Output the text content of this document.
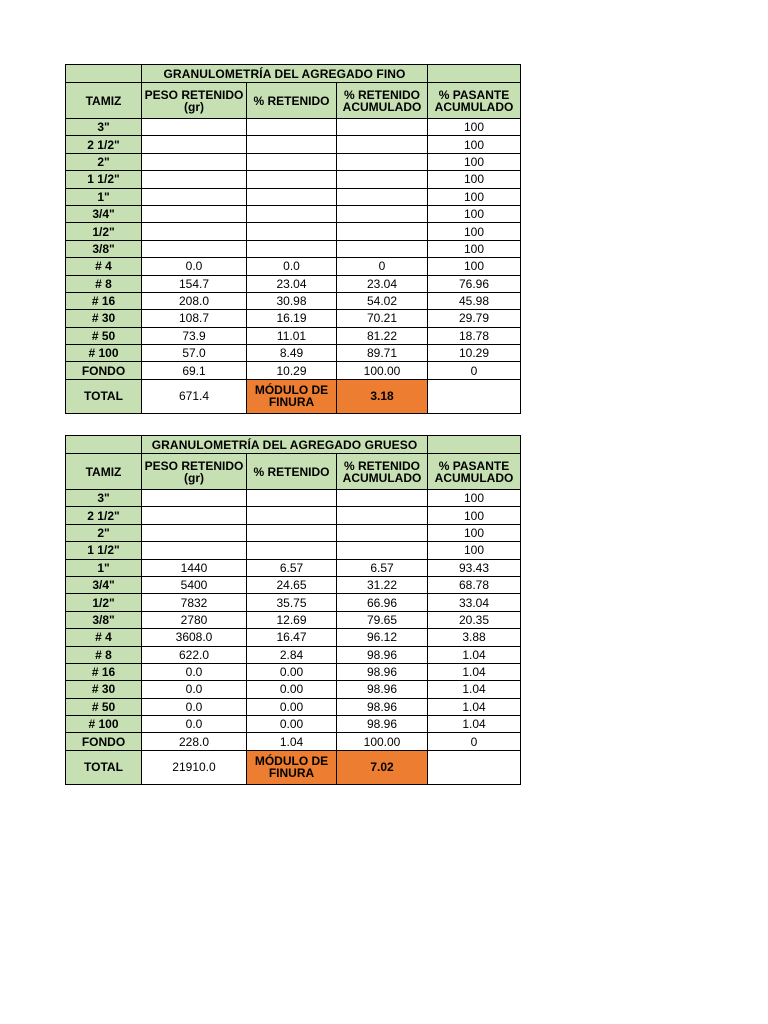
	GRANULOMETRÍA DEL AGREGADO FINO			
TAMIZ	PESO RETENIDO (gr)	% RETENIDO	% RETENIDO ACUMULADO	% PASANTE ACUMULADO
3"				100
2 1/2"				100
2"				100
1 1/2"				100
1"				100
3/4"				100
1/2"				100
3/8"				100
# 4	0.0	0.0	0	100
# 8	154.7	23.04	23.04	76.96
# 16	208.0	30.98	54.02	45.98
# 30	108.7	16.19	70.21	29.79
# 50	73.9	11.01	81.22	18.78
# 100	57.0	8.49	89.71	10.29
FONDO	69.1	10.29	100.00	0
TOTAL	671.4	MÓDULO DE FINURA	3.18	
	GRANULOMETRÍA DEL AGREGADO GRUESO			
TAMIZ	PESO RETENIDO (gr)	% RETENIDO	% RETENIDO ACUMULADO	% PASANTE ACUMULADO
3"				100
2 1/2"				100
2"				100
1 1/2"				100
1"	1440	6.57	6.57	93.43
3/4"	5400	24.65	31.22	68.78
1/2"	7832	35.75	66.96	33.04
3/8"	2780	12.69	79.65	20.35
# 4	3608.0	16.47	96.12	3.88
# 8	622.0	2.84	98.96	1.04
# 16	0.0	0.00	98.96	1.04
# 30	0.0	0.00	98.96	1.04
# 50	0.0	0.00	98.96	1.04
# 100	0.0	0.00	98.96	1.04
FONDO	228.0	1.04	100.00	0
TOTAL	21910.0	MÓDULO DE FINURA	7.02	
